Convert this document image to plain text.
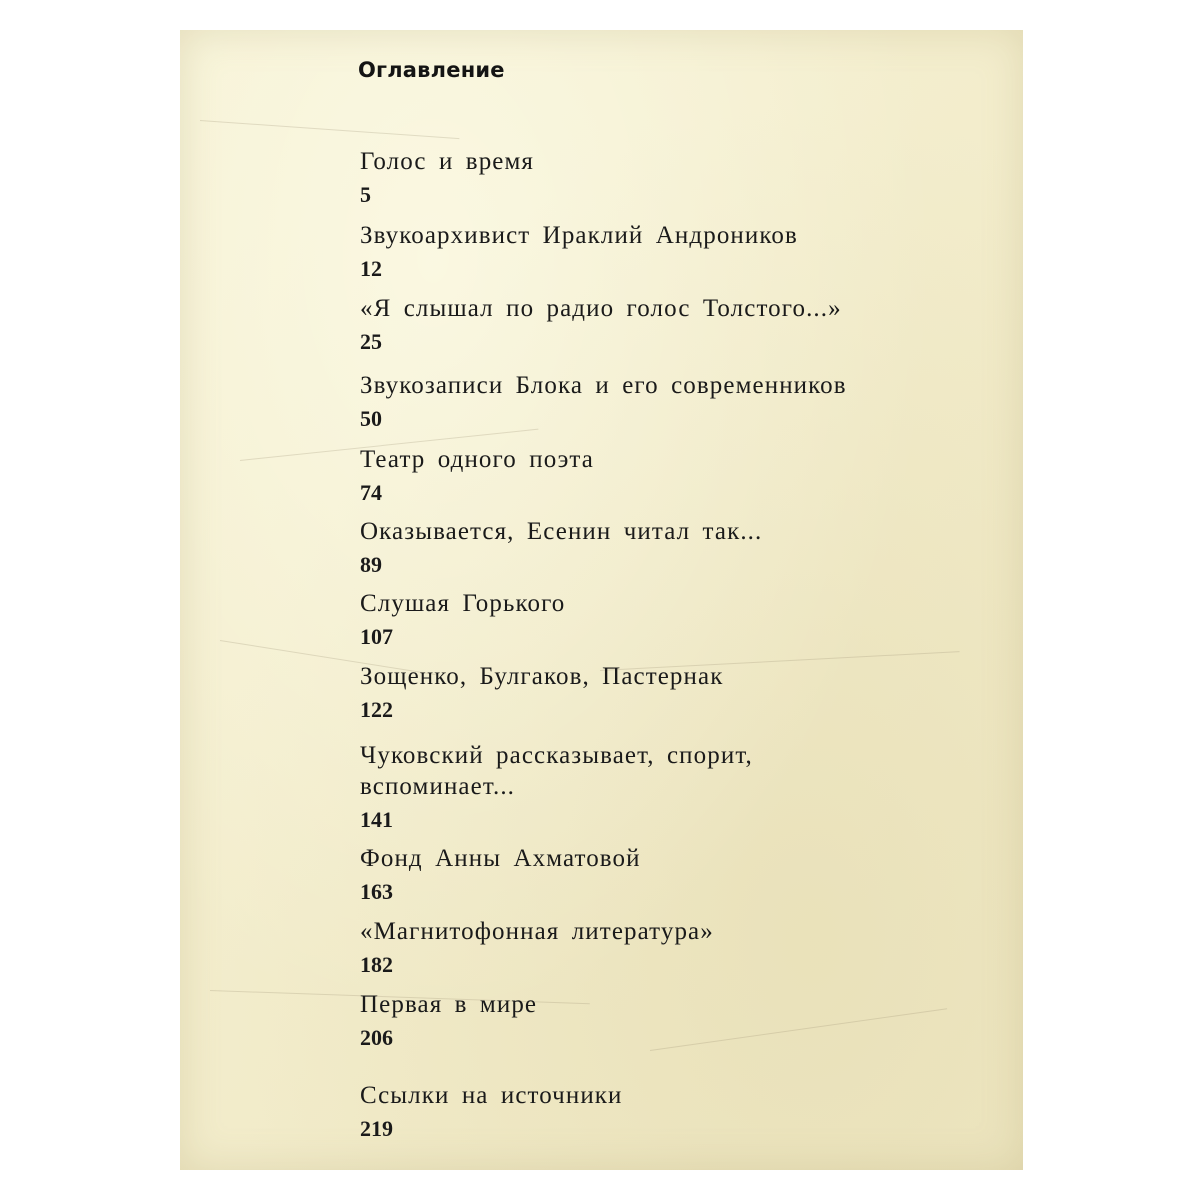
Оглавление
Голос и время
5
Звукоархивист Ираклий Андроников
12
«Я слышал по радио голос Толстого...»
25
Звукозаписи Блока и его современников
50
Театр одного поэта
74
Оказывается, Есенин читал так...
89
Слушая Горького
107
Зощенко, Булгаков, Пастернак
122
Чуковский рассказывает, спорит,
вспоминает...
141
Фонд Анны Ахматовой
163
«Магнитофонная литература»
182
Первая в мире
206
Ссылки на источники
219
